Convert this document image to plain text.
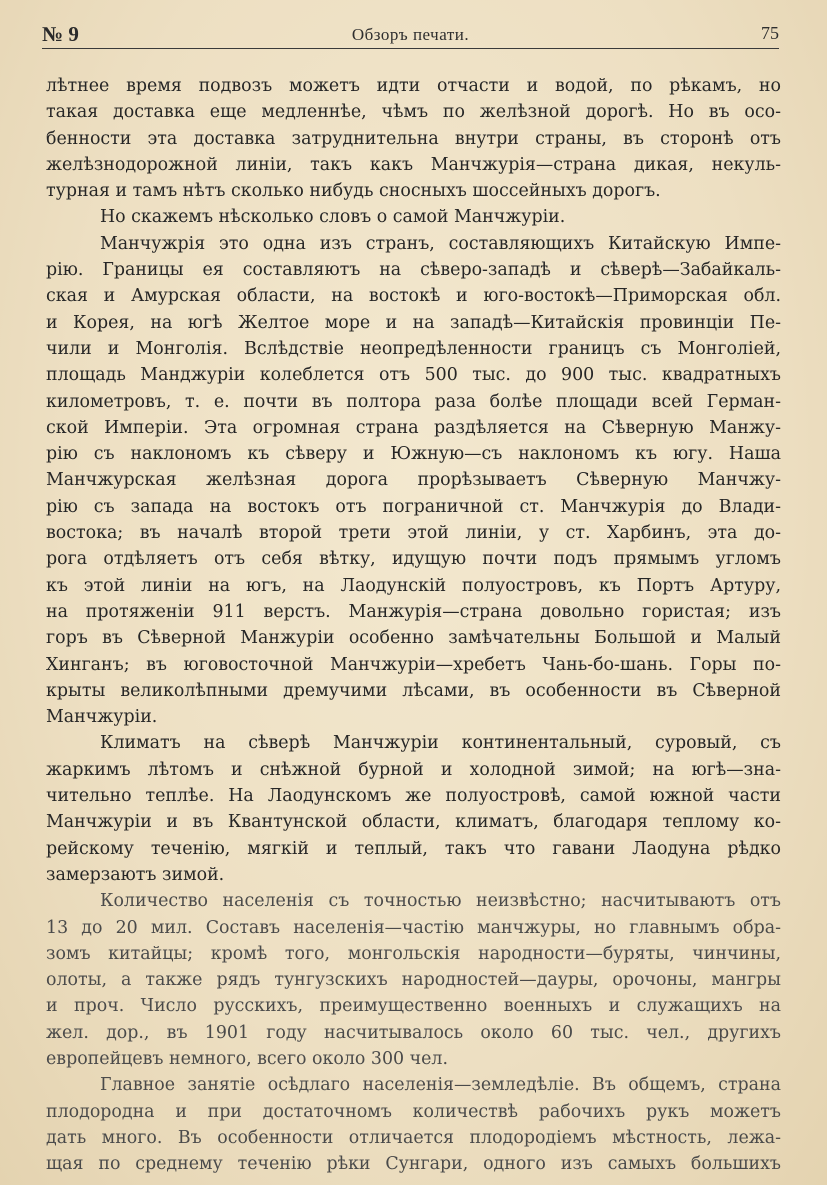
№ 9	Обзоръ печати.	75
лѣтнее время подвозъ можетъ идти отчасти и водой, по рѣкамъ, но
такая доставка еще медленнѣе, чѣмъ по желѣзной дорогѣ. Но въ осо-
бенности эта доставка затруднительна внутри страны, въ сторонѣ отъ
желѣзнодорожной линіи, такъ какъ Манчжурія—страна дикая, некуль-
турная и тамъ нѣтъ сколько нибудь сносныхъ шоссейныхъ дорогъ.
Но скажемъ нѣсколько словъ о самой Манчжуріи.
Манчужрія это одна изъ странъ, составляющихъ Китайскую Импе-
рію. Границы ея составляютъ на сѣверо-западѣ и сѣверѣ—Забайкаль-
ская и Амурская области, на востокѣ и юго-востокѣ—Приморская обл.
и Корея, на югѣ Желтое море и на западѣ—Китайскія провинціи Пе-
чили и Монголія. Вслѣдствіе неопредѣленности границъ съ Монголіей,
площадь Манджуріи колеблется отъ 500 тыс. до 900 тыс. квадратныхъ
километровъ, т. е. почти въ полтора раза болѣе площади всей Герман-
ской Имперіи. Эта огромная страна раздѣляется на Сѣверную Манжу-
рію съ наклономъ къ сѣверу и Южную—съ наклономъ къ югу. Наша
Манчжурская желѣзная дорога прорѣзываетъ Сѣверную Манчжу-
рію съ запада на востокъ отъ пограничной ст. Манчжурія до Влади-
востока; въ началѣ второй трети этой линіи, у ст. Харбинъ, эта до-
рога отдѣляетъ отъ себя вѣтку, идущую почти подъ прямымъ угломъ
къ этой линіи на югъ, на Лаодунскій полуостровъ, къ Портъ Артуру,
на протяженіи 911 верстъ. Манжурія—страна довольно гористая; изъ
горъ въ Сѣверной Манжуріи особенно замѣчательны Большой и Малый
Хинганъ; въ юговосточной Манчжуріи—хребетъ Чань-бо-шань. Горы по-
крыты великолѣпными дремучими лѣсами, въ особенности въ Сѣверной
Манчжуріи.
Климатъ на сѣверѣ Манчжуріи континентальный, суровый, съ
жаркимъ лѣтомъ и снѣжной бурной и холодной зимой; на югѣ—зна-
чительно теплѣе. На Лаодунскомъ же полуостровѣ, самой южной части
Манчжуріи и въ Квантунской области, климатъ, благодаря теплому ко-
рейскому теченію, мягкій и теплый, такъ что гавани Лаодуна рѣдко
замерзаютъ зимой.
Количество населенія съ точностью неизвѣстно; насчитываютъ отъ
13 до 20 мил. Составъ населенія—частію манчжуры, но главнымъ обра-
зомъ китайцы; кромѣ того, монгольскія народности—буряты, чинчины,
олоты, а также рядъ тунгузскихъ народностей—дауры, орочоны, мангры
и проч. Число русскихъ, преимущественно военныхъ и служащихъ на
жел. дор., въ 1901 году насчитывалось около 60 тыс. чел., другихъ
европейцевъ немного, всего около 300 чел.
Главное занятіе осѣдлаго населенія—земледѣліе. Въ общемъ, страна
плодородна и при достаточномъ количествѣ рабочихъ рукъ можетъ
дать много. Въ особенности отличается плодородіемъ мѣстность, лежа-
щая по среднему теченію рѣки Сунгари, одного изъ самыхъ большихъ
